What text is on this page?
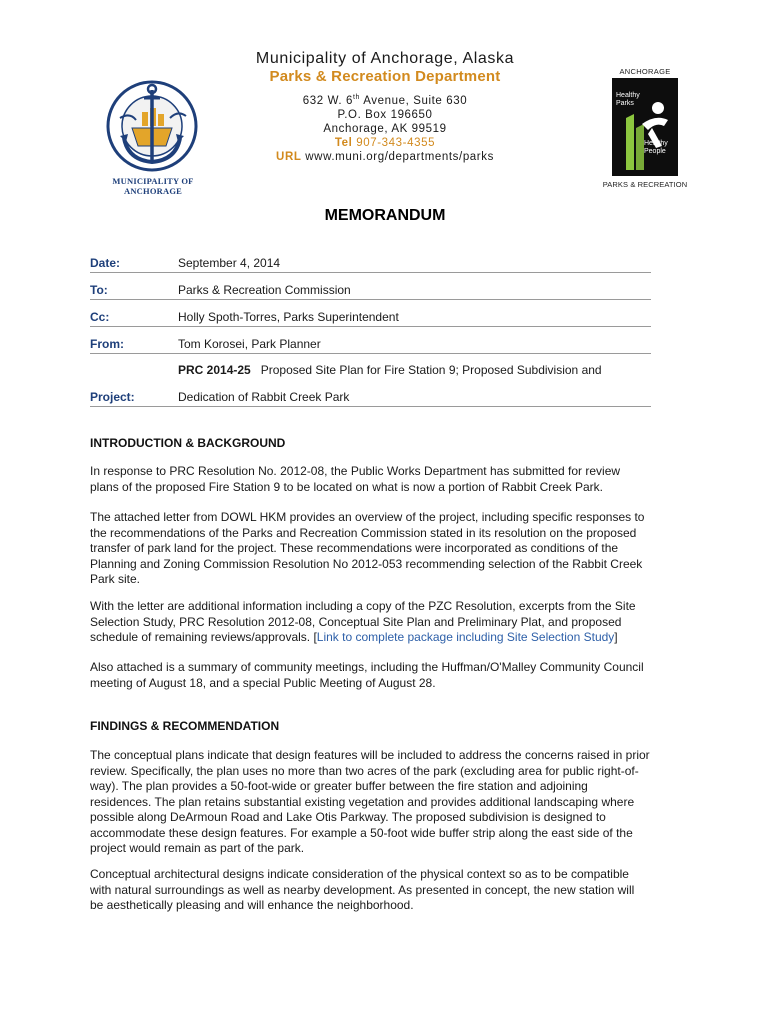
MUNICIPALITY OF
ANCHORAGE
Municipality of Anchorage, Alaska
Parks & Recreation Department
632 W. 6th Avenue, Suite 630
P.O. Box 196650
Anchorage, AK 99519
Tel 907-343-4355
URL www.muni.org/departments/parks
ANCHORAGE
Healthy
Parks
Healthy
People
PARKS & RECREATION
MEMORANDUM
Date:	September 4, 2014
To:	Parks & Recreation Commission
Cc:	Holly Spoth-Torres, Parks Superintendent
From:	Tom Korosei, Park Planner
PRC 2014-25 Proposed Site Plan for Fire Station 9; Proposed Subdivision and
Project:	Dedication of Rabbit Creek Park
INTRODUCTION & BACKGROUND
In response to PRC Resolution No. 2012-08, the Public Works Department has submitted for review
plans of the proposed Fire Station 9 to be located on what is now a portion of Rabbit Creek Park.
The attached letter from DOWL HKM provides an overview of the project, including specific responses to
the recommendations of the Parks and Recreation Commission stated in its resolution on the proposed
transfer of park land for the project. These recommendations were incorporated as conditions of the
Planning and Zoning Commission Resolution No 2012-053 recommending selection of the Rabbit Creek
Park site.
With the letter are additional information including a copy of the PZC Resolution, excerpts from the Site
Selection Study, PRC Resolution 2012-08, Conceptual Site Plan and Preliminary Plat, and proposed
schedule of remaining reviews/approvals. [Link to complete package including Site Selection Study]
Also attached is a summary of community meetings, including the Huffman/O'Malley Community Council
meeting of August 18, and a special Public Meeting of August 28.
FINDINGS & RECOMMENDATION
The conceptual plans indicate that design features will be included to address the concerns raised in prior
review. Specifically, the plan uses no more than two acres of the park (excluding area for public right-of-
way). The plan provides a 50-foot-wide or greater buffer between the fire station and adjoining
residences. The plan retains substantial existing vegetation and provides additional landscaping where
possible along DeArmoun Road and Lake Otis Parkway. The proposed subdivision is designed to
accommodate these design features. For example a 50-foot wide buffer strip along the east side of the
project would remain as part of the park.
Conceptual architectural designs indicate consideration of the physical context so as to be compatible
with natural surroundings as well as nearby development. As presented in concept, the new station will
be aesthetically pleasing and will enhance the neighborhood.
